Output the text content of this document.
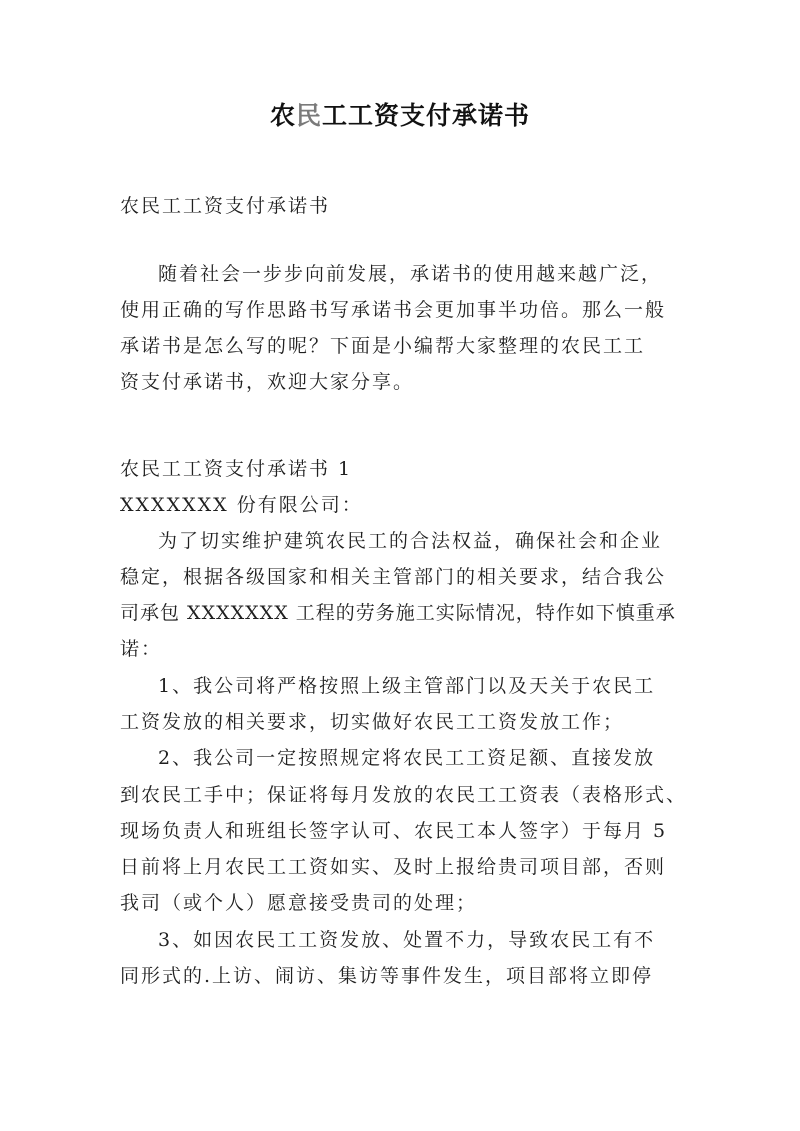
农民工工资支付承诺书
农民工工资支付承诺书
随着社会一步步向前发展，承诺书的使用越来越广泛，
使用正确的写作思路书写承诺书会更加事半功倍。那么一般
承诺书是怎么写的呢？下面是小编帮大家整理的农民工工
资支付承诺书，欢迎大家分享。
农民工工资支付承诺书 1
XXXXXXX 份有限公司：
为了切实维护建筑农民工的合法权益，确保社会和企业
稳定，根据各级国家和相关主管部门的相关要求，结合我公
司承包 XXXXXXX 工程的劳务施工实际情况，特作如下慎重承
诺：
1、我公司将严格按照上级主管部门以及天关于农民工
工资发放的相关要求，切实做好农民工工资发放工作；
2、我公司一定按照规定将农民工工资足额、直接发放
到农民工手中；保证将每月发放的农民工工资表（表格形式、
现场负责人和班组长签字认可、农民工本人签字）于每月 5
日前将上月农民工工资如实、及时上报给贵司项目部，否则
我司（或个人）愿意接受贵司的处理；
3、如因农民工工资发放、处置不力，导致农民工有不
同形式的.上访、闹访、集访等事件发生，项目部将立即停
